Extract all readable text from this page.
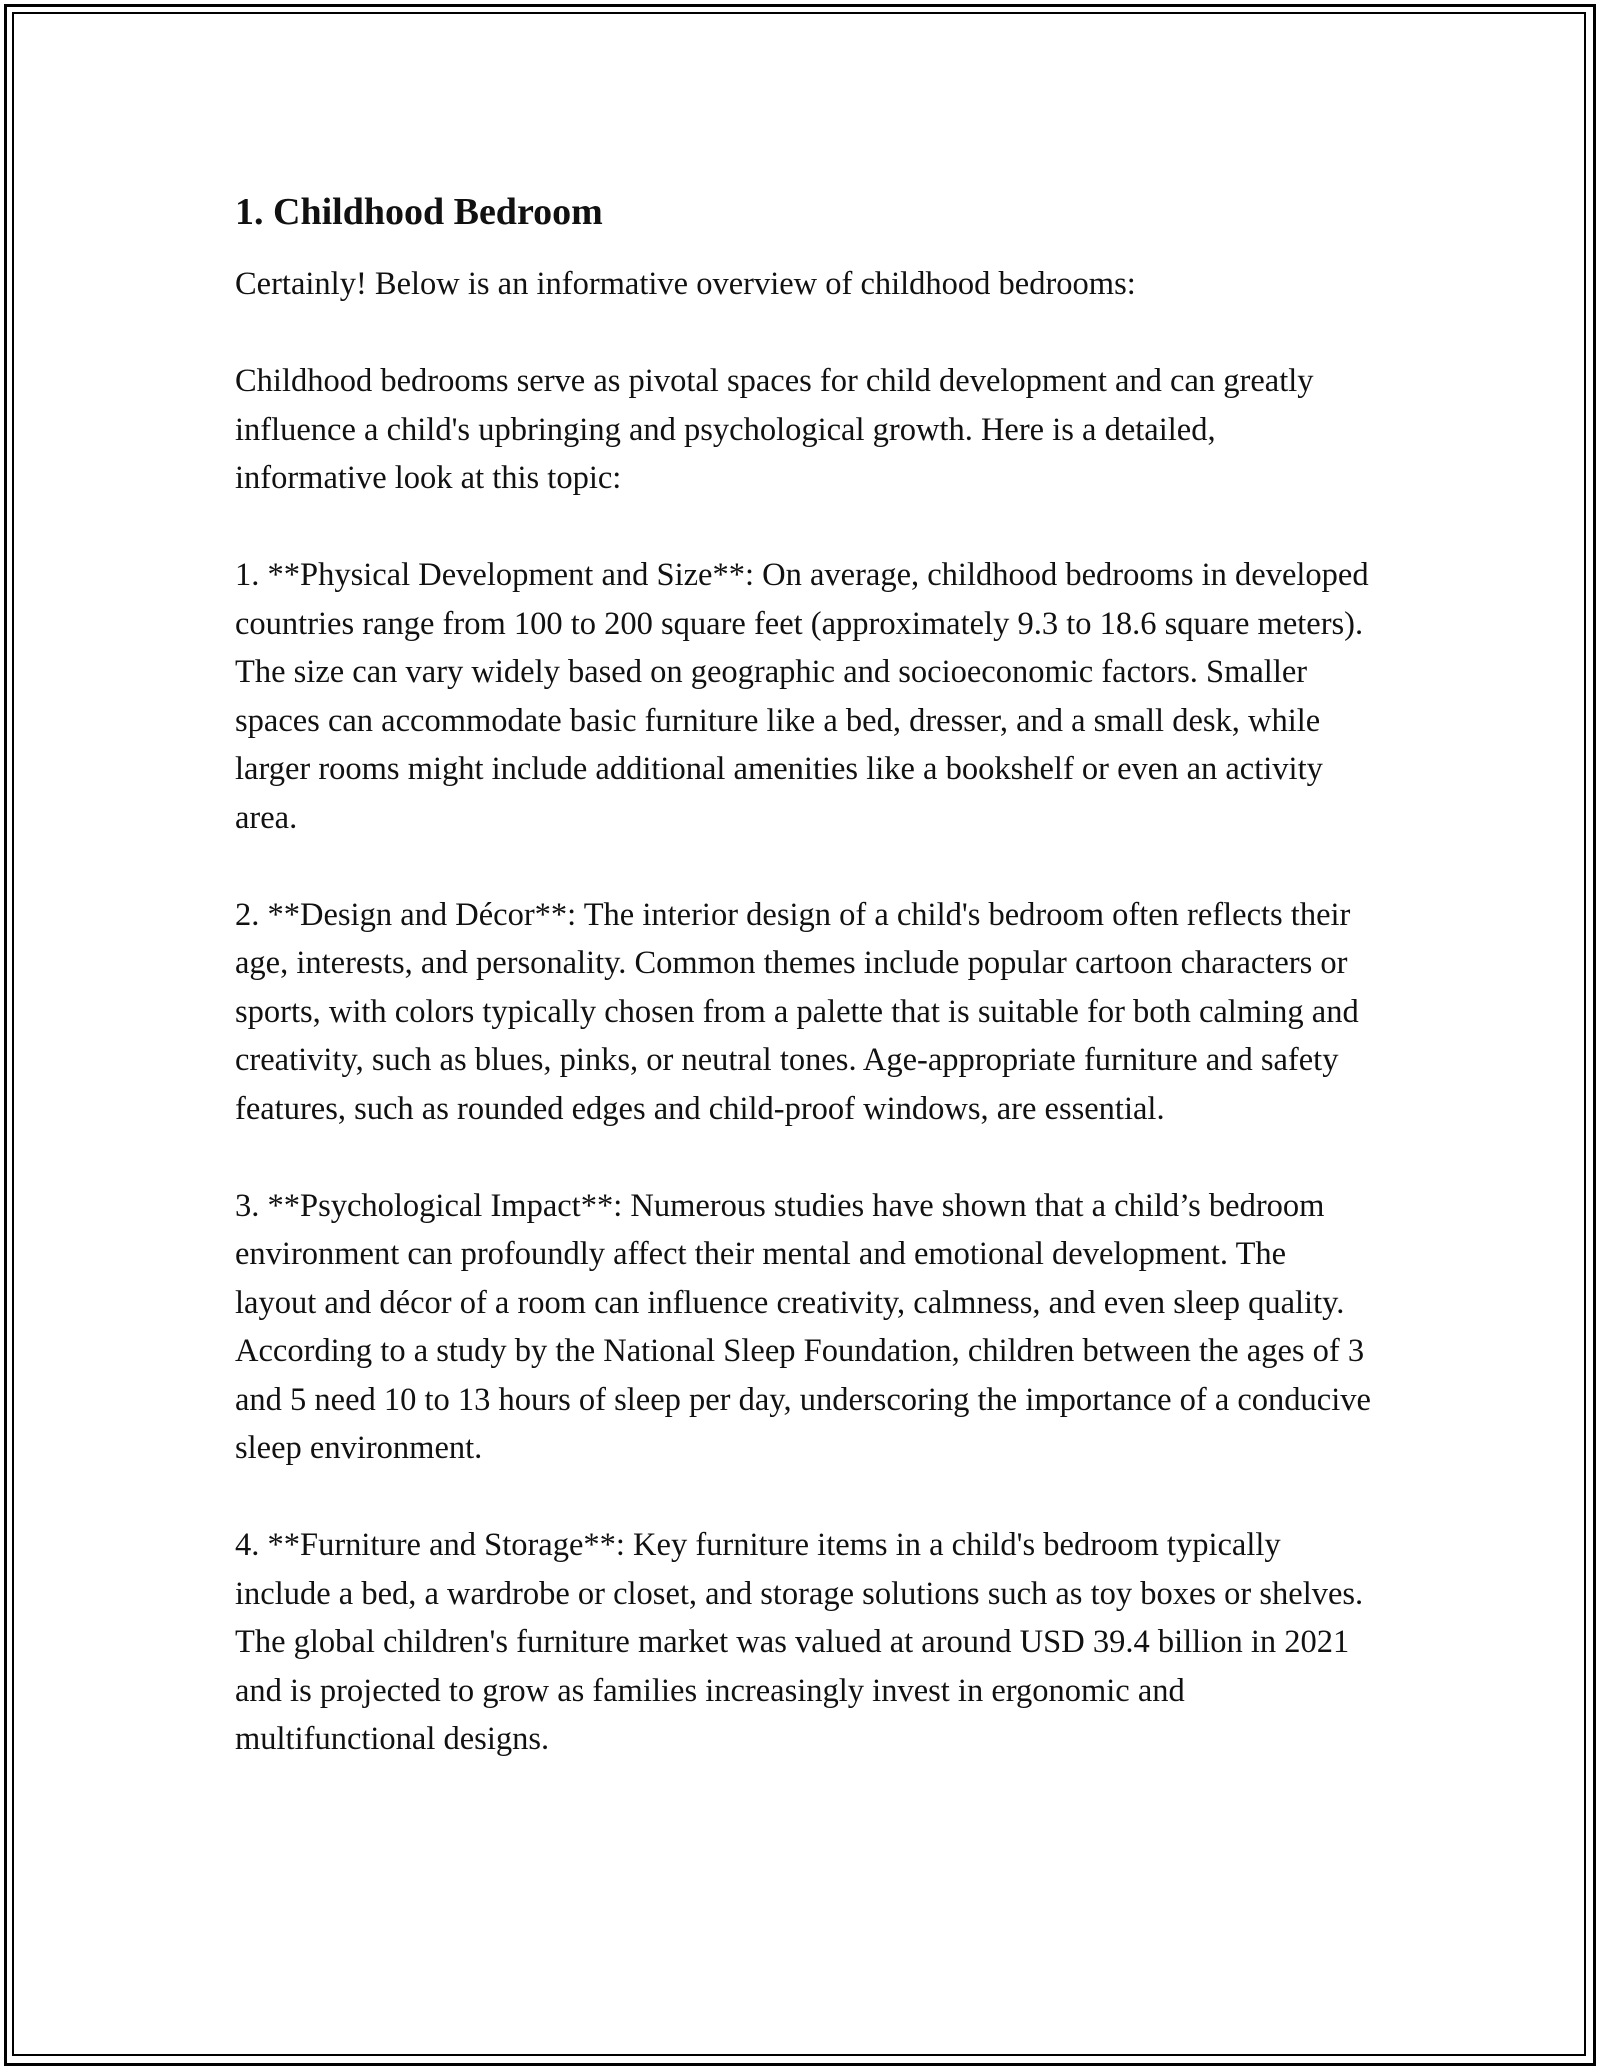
1. Childhood Bedroom

Certainly! Below is an informative overview of childhood bedrooms:

Childhood bedrooms serve as pivotal spaces for child development and can greatly influence a child's upbringing and psychological growth. Here is a detailed, informative look at this topic:

1. **Physical Development and Size**: On average, childhood bedrooms in developed countries range from 100 to 200 square feet (approximately 9.3 to 18.6 square meters). The size can vary widely based on geographic and socioeconomic factors. Smaller spaces can accommodate basic furniture like a bed, dresser, and a small desk, while larger rooms might include additional amenities like a bookshelf or even an activity area.

2. **Design and Décor**: The interior design of a child's bedroom often reflects their age, interests, and personality. Common themes include popular cartoon characters or sports, with colors typically chosen from a palette that is suitable for both calming and creativity, such as blues, pinks, or neutral tones. Age-appropriate furniture and safety features, such as rounded edges and child-proof windows, are essential.

3. **Psychological Impact**: Numerous studies have shown that a child’s bedroom environment can profoundly affect their mental and emotional development. The layout and décor of a room can influence creativity, calmness, and even sleep quality. According to a study by the National Sleep Foundation, children between the ages of 3 and 5 need 10 to 13 hours of sleep per day, underscoring the importance of a conducive sleep environment.

4. **Furniture and Storage**: Key furniture items in a child's bedroom typically include a bed, a wardrobe or closet, and storage solutions such as toy boxes or shelves. The global children's furniture market was valued at around USD 39.4 billion in 2021 and is projected to grow as families increasingly invest in ergonomic and multifunctional designs.
